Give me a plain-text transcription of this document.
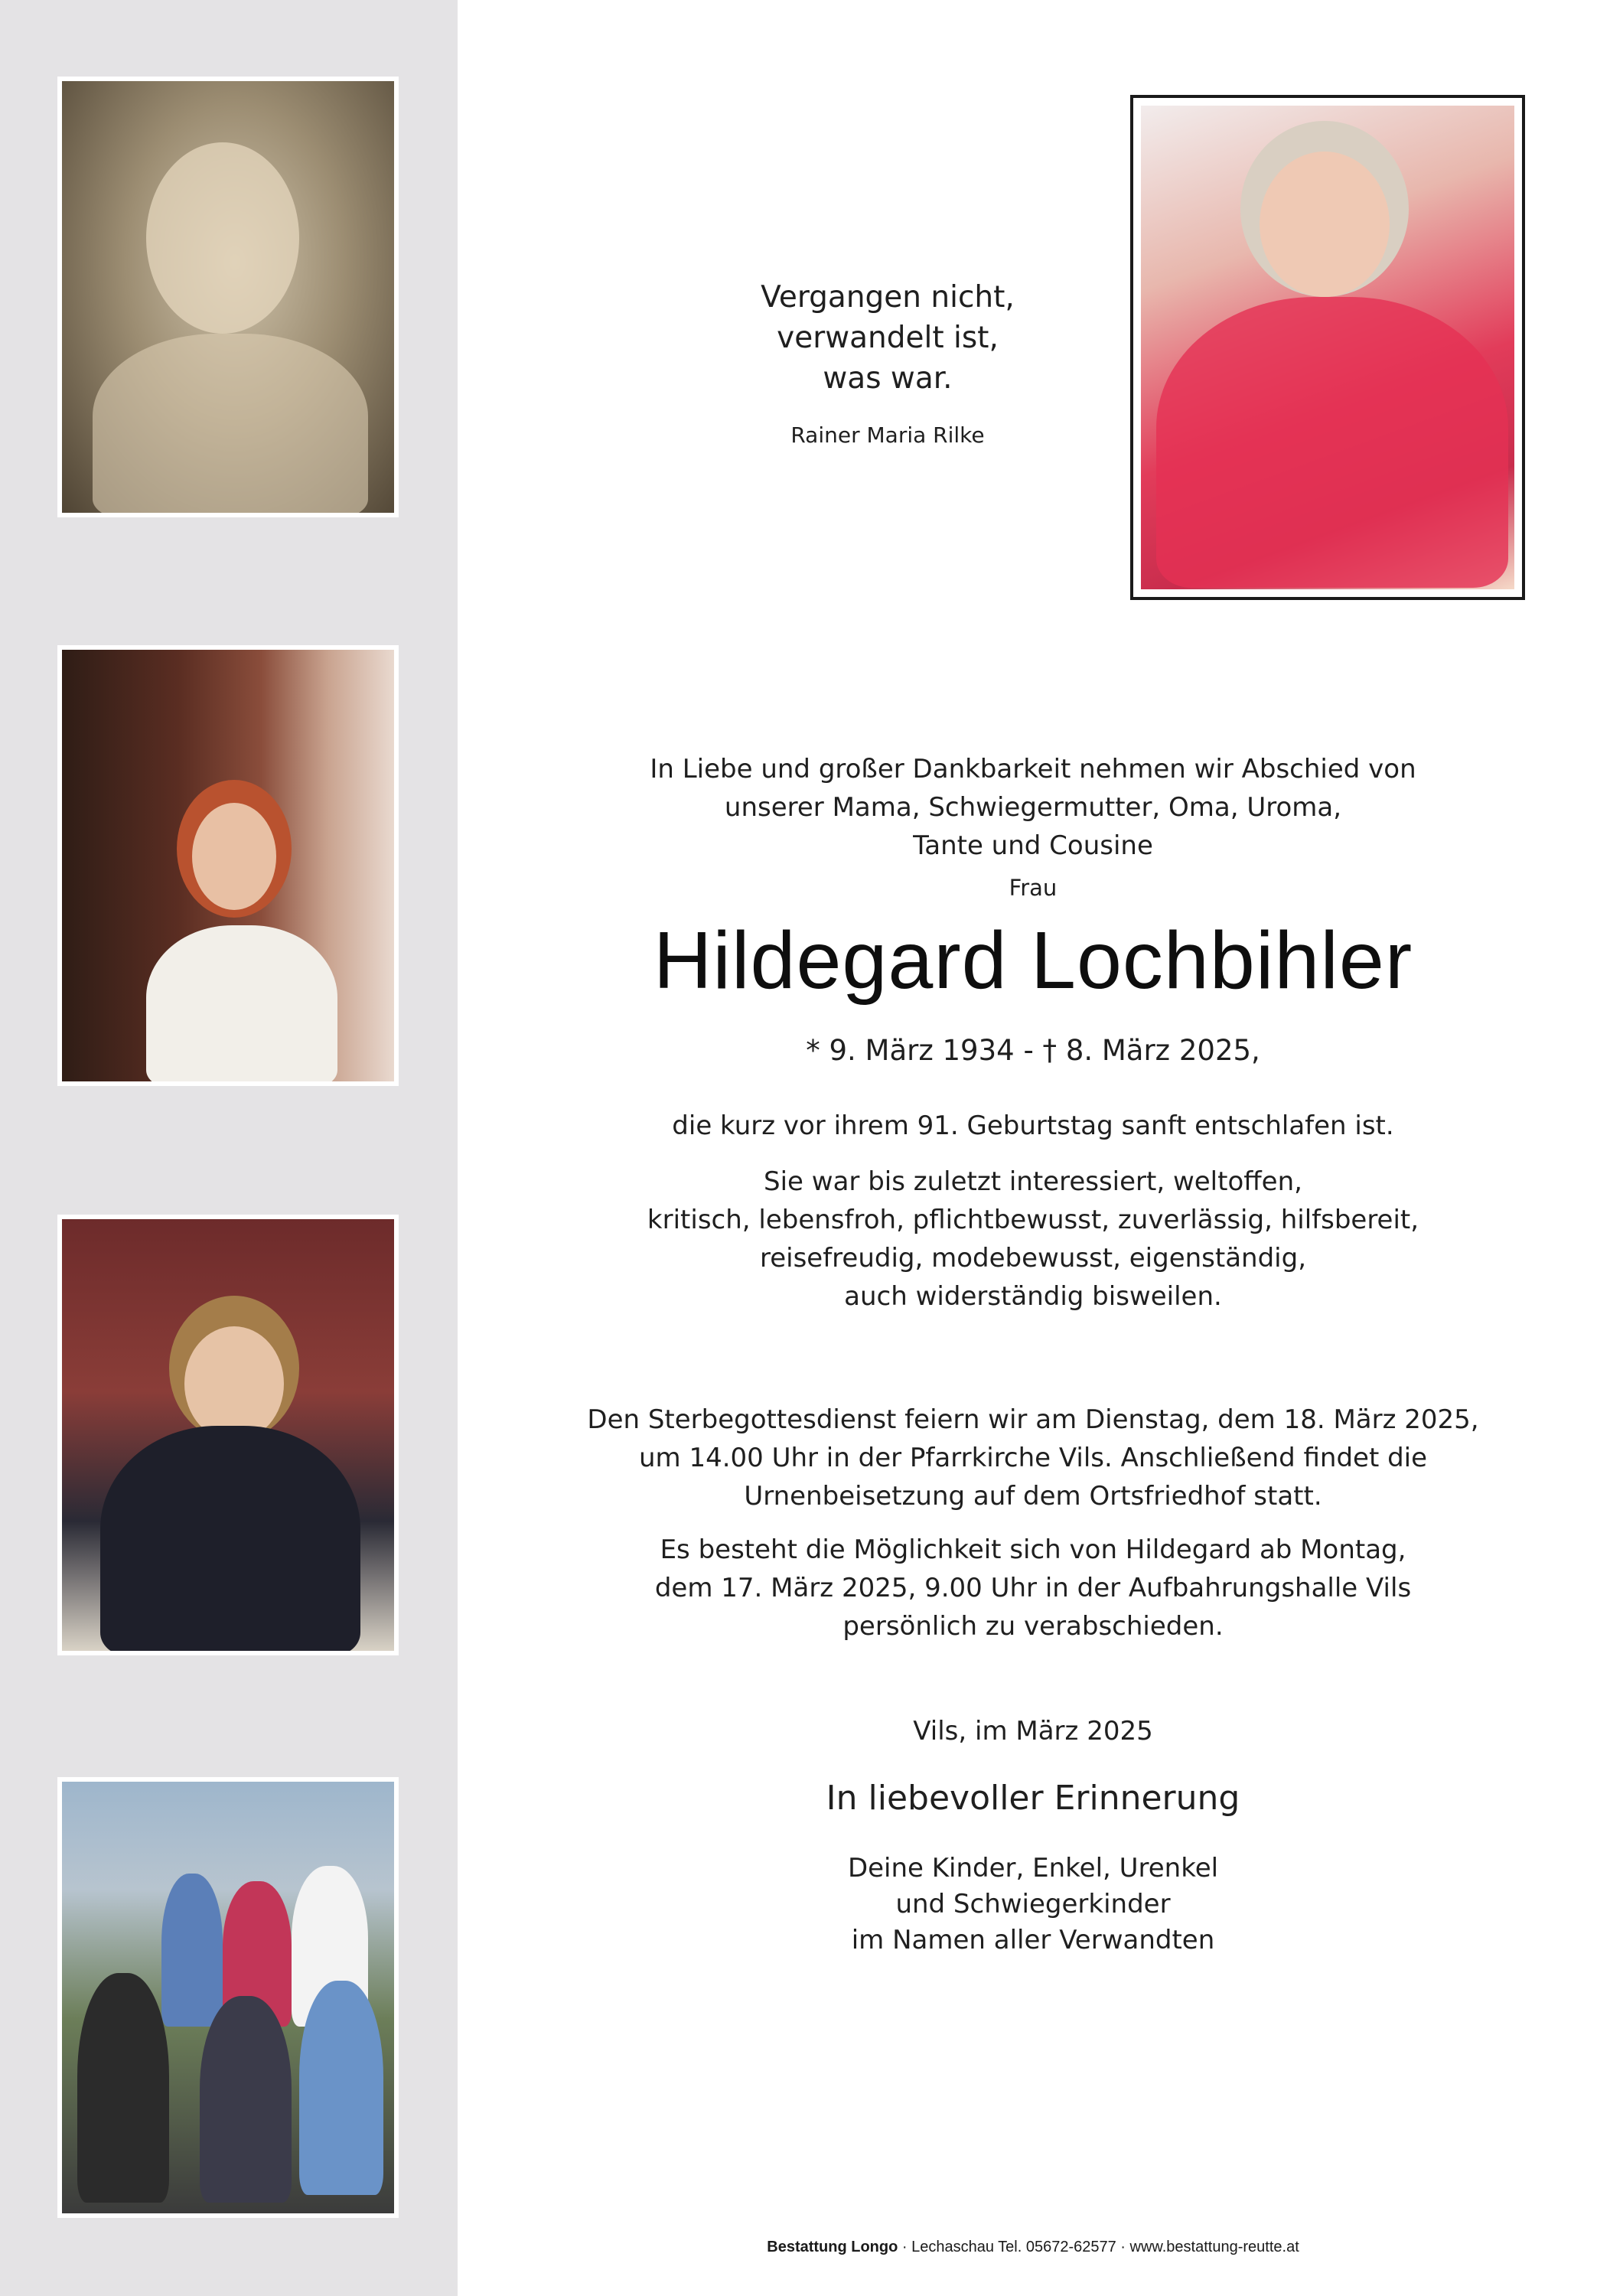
Vergangen nicht,
verwandelt ist,
was war.
Rainer Maria Rilke
In Liebe und großer Dankbarkeit nehmen wir Abschied von
unserer Mama, Schwiegermutter, Oma, Uroma,
Tante und Cousine
Frau
Hildegard Lochbihler
* 9. März 1934 - † 8. März 2025,
die kurz vor ihrem 91. Geburtstag sanft entschlafen ist.
Sie war bis zuletzt interessiert, weltoffen,
kritisch, lebensfroh, pflichtbewusst, zuverlässig, hilfsbereit,
reisefreudig, modebewusst, eigenständig,
auch widerständig bisweilen.
Den Sterbegottesdienst feiern wir am Dienstag, dem 18. März 2025,
um 14.00 Uhr in der Pfarrkirche Vils. Anschließend findet die
Urnenbeisetzung auf dem Ortsfriedhof statt.
Es besteht die Möglichkeit sich von Hildegard ab Montag,
dem 17. März 2025, 9.00 Uhr in der Aufbahrungshalle Vils
persönlich zu verabschieden.
Vils, im März 2025
In liebevoller Erinnerung
Deine Kinder, Enkel, Urenkel
und Schwiegerkinder
im Namen aller Verwandten
Bestattung Longo · Lechaschau Tel. 05672-62577 · www.bestattung-reutte.at
